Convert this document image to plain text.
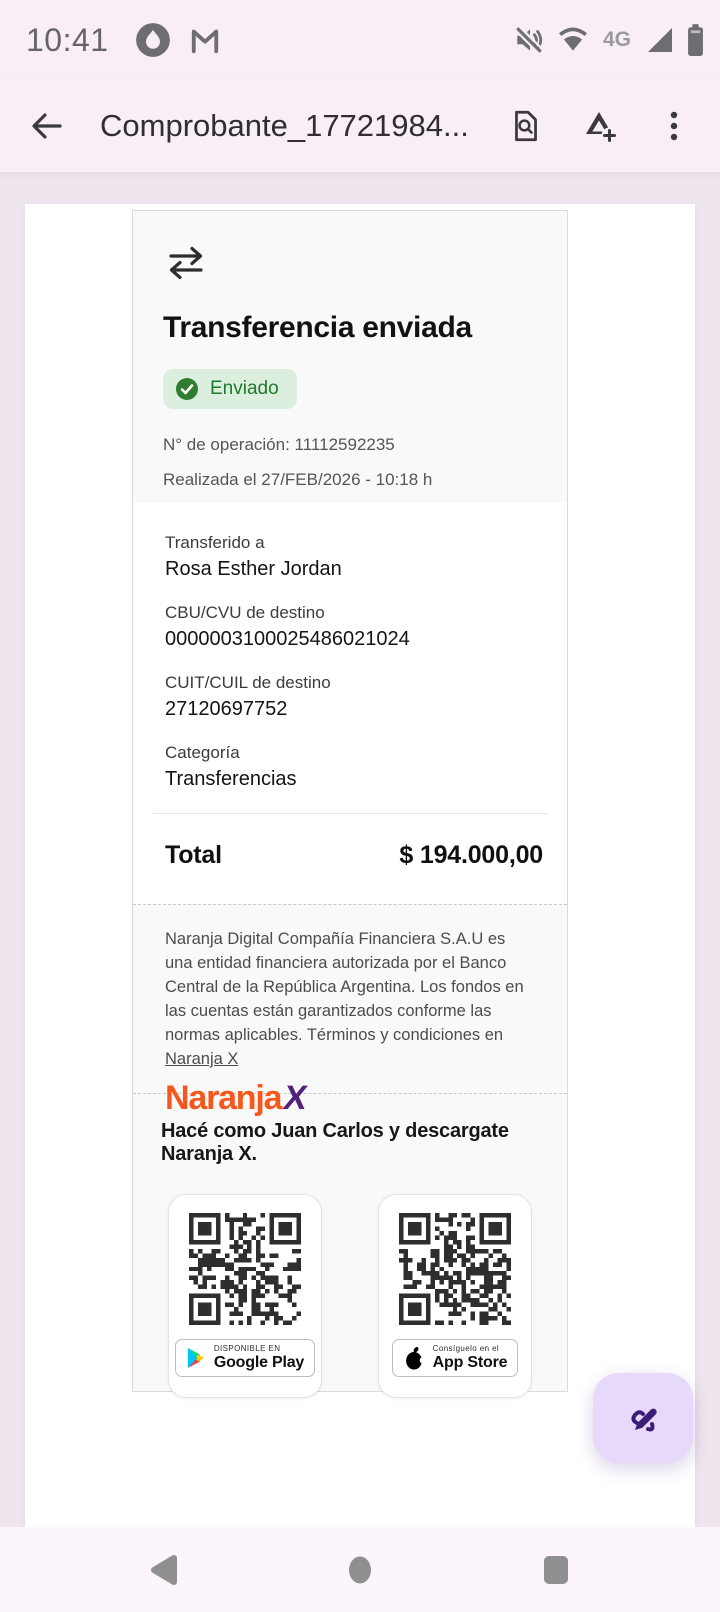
10:41	4G
Comprobante_17721984...
Transferencia enviada
Enviado
N° de operación: 11112592235
Realizada el 27/FEB/2026 - 10:18 h
Transferido a
Rosa Esther Jordan
CBU/CVU de destino
0000003100025486021024
CUIT/CUIL de destino
27120697752
Categoría
Transferencias
Total	$ 194.000,00
Naranja Digital Compañía Financiera S.A.U es una entidad financiera autorizada por el Banco Central de la República Argentina. Los fondos en las cuentas están garantizados conforme las normas aplicables. Términos y condiciones en
Naranja X
NaranjaX
Hacé como Juan Carlos y descargate Naranja X.
DISPONIBLE EN
Google Play
Consíguelo en el
App Store
